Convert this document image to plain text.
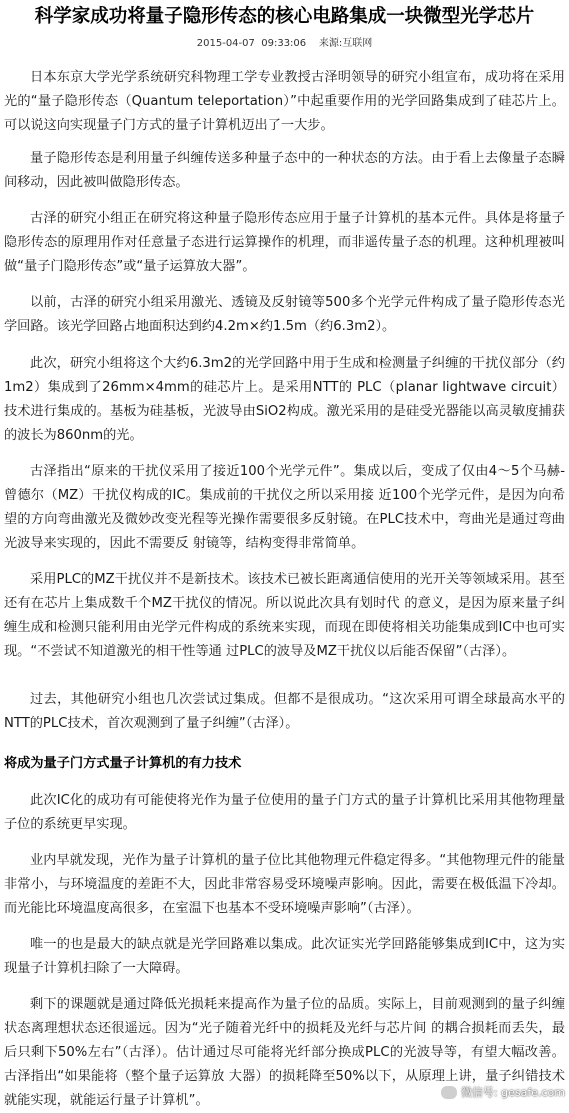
科学家成功将量子隐形传态的核心电路集成一块微型光学芯片
2015-04-07  09:33:06    来源:互联网

日本东京大学光学系统研究科物理工学专业教授古泽明领导的研究小组宣布，成功将在采用光的“量子隐形传态（Quantum teleportation）”中起重要作用的光学回路集成到了硅芯片上。可以说这向实现量子门方式的量子计算机迈出了一大步。

量子隐形传态是利用量子纠缠传送多种量子态中的一种状态的方法。由于看上去像量子态瞬间移动，因此被叫做隐形传态。

古泽的研究小组正在研究将这种量子隐形传态应用于量子计算机的基本元件。具体是将量子隐形传态的原理用作对任意量子态进行运算操作的机理，而非遥传量子态的机理。这种机理被叫做“量子门隐形传态”或“量子运算放大器”。

以前，古泽的研究小组采用激光、透镜及反射镜等500多个光学元件构成了量子隐形传态光学回路。该光学回路占地面积达到约4.2m×约1.5m（约6.3m2）。

此次，研究小组将这个大约6.3m2的光学回路中用于生成和检测量子纠缠的干扰仪部分（约1m2）集成到了26mm×4mm的硅芯片上。是采用NTT的 PLC（planar lightwave circuit）技术进行集成的。基板为硅基板，光波导由SiO2构成。激光采用的是硅受光器能以高灵敏度捕获的波长为860nm的光。

古泽指出“原来的干扰仪采用了接近100个光学元件”。集成以后，变成了仅由4～5个马赫-曾德尔（MZ）干扰仪构成的IC。集成前的干扰仪之所以采用接 近100个光学元件，是因为向希望的方向弯曲激光及微妙改变光程等光操作需要很多反射镜。在PLC技术中，弯曲光是通过弯曲光波导来实现的，因此不需要反 射镜等，结构变得非常简单。

采用PLC的MZ干扰仪并不是新技术。该技术已被长距离通信使用的光开关等领域采用。甚至还有在芯片上集成数千个MZ干扰仪的情况。所以说此次具有划时代 的意义，是因为原来量子纠缠生成和检测只能利用由光学元件构成的系统来实现，而现在即使将相关功能集成到IC中也可实现。“不尝试不知道激光的相干性等通 过PLC的波导及MZ干扰仪以后能否保留”（古泽）。

过去，其他研究小组也几次尝试过集成。但都不是很成功。“这次采用可谓全球最高水平的NTT的PLC技术，首次观测到了量子纠缠”（古泽）。

将成为量子门方式量子计算机的有力技术

此次IC化的成功有可能使将光作为量子位使用的量子门方式的量子计算机比采用其他物理量子位的系统更早实现。

业内早就发现，光作为量子计算机的量子位比其他物理元件稳定得多。“其他物理元件的能量非常小，与环境温度的差距不大，因此非常容易受环境噪声影响。因此，需要在极低温下冷却。而光能比环境温度高很多，在室温下也基本不受环境噪声影响”（古泽）。

唯一的也是最大的缺点就是光学回路难以集成。此次证实光学回路能够集成到IC中，这为实现量子计算机扫除了一大障碍。

剩下的课题就是通过降低光损耗来提高作为量子位的品质。实际上，目前观测到的量子纠缠状态离理想状态还很遥远。因为“光子随着光纤中的损耗及光纤与芯片间 的耦合损耗而丢失，最后只剩下50%左右”（古泽）。估计通过尽可能将光纤部分换成PLC的光波导等，有望大幅改善。古泽指出“如果能将（整个量子运算放 大器）的损耗降至50%以下，从原理上讲，量子纠错技术就能实现，就能运行量子计算机”。

微信号: gesafe.com
